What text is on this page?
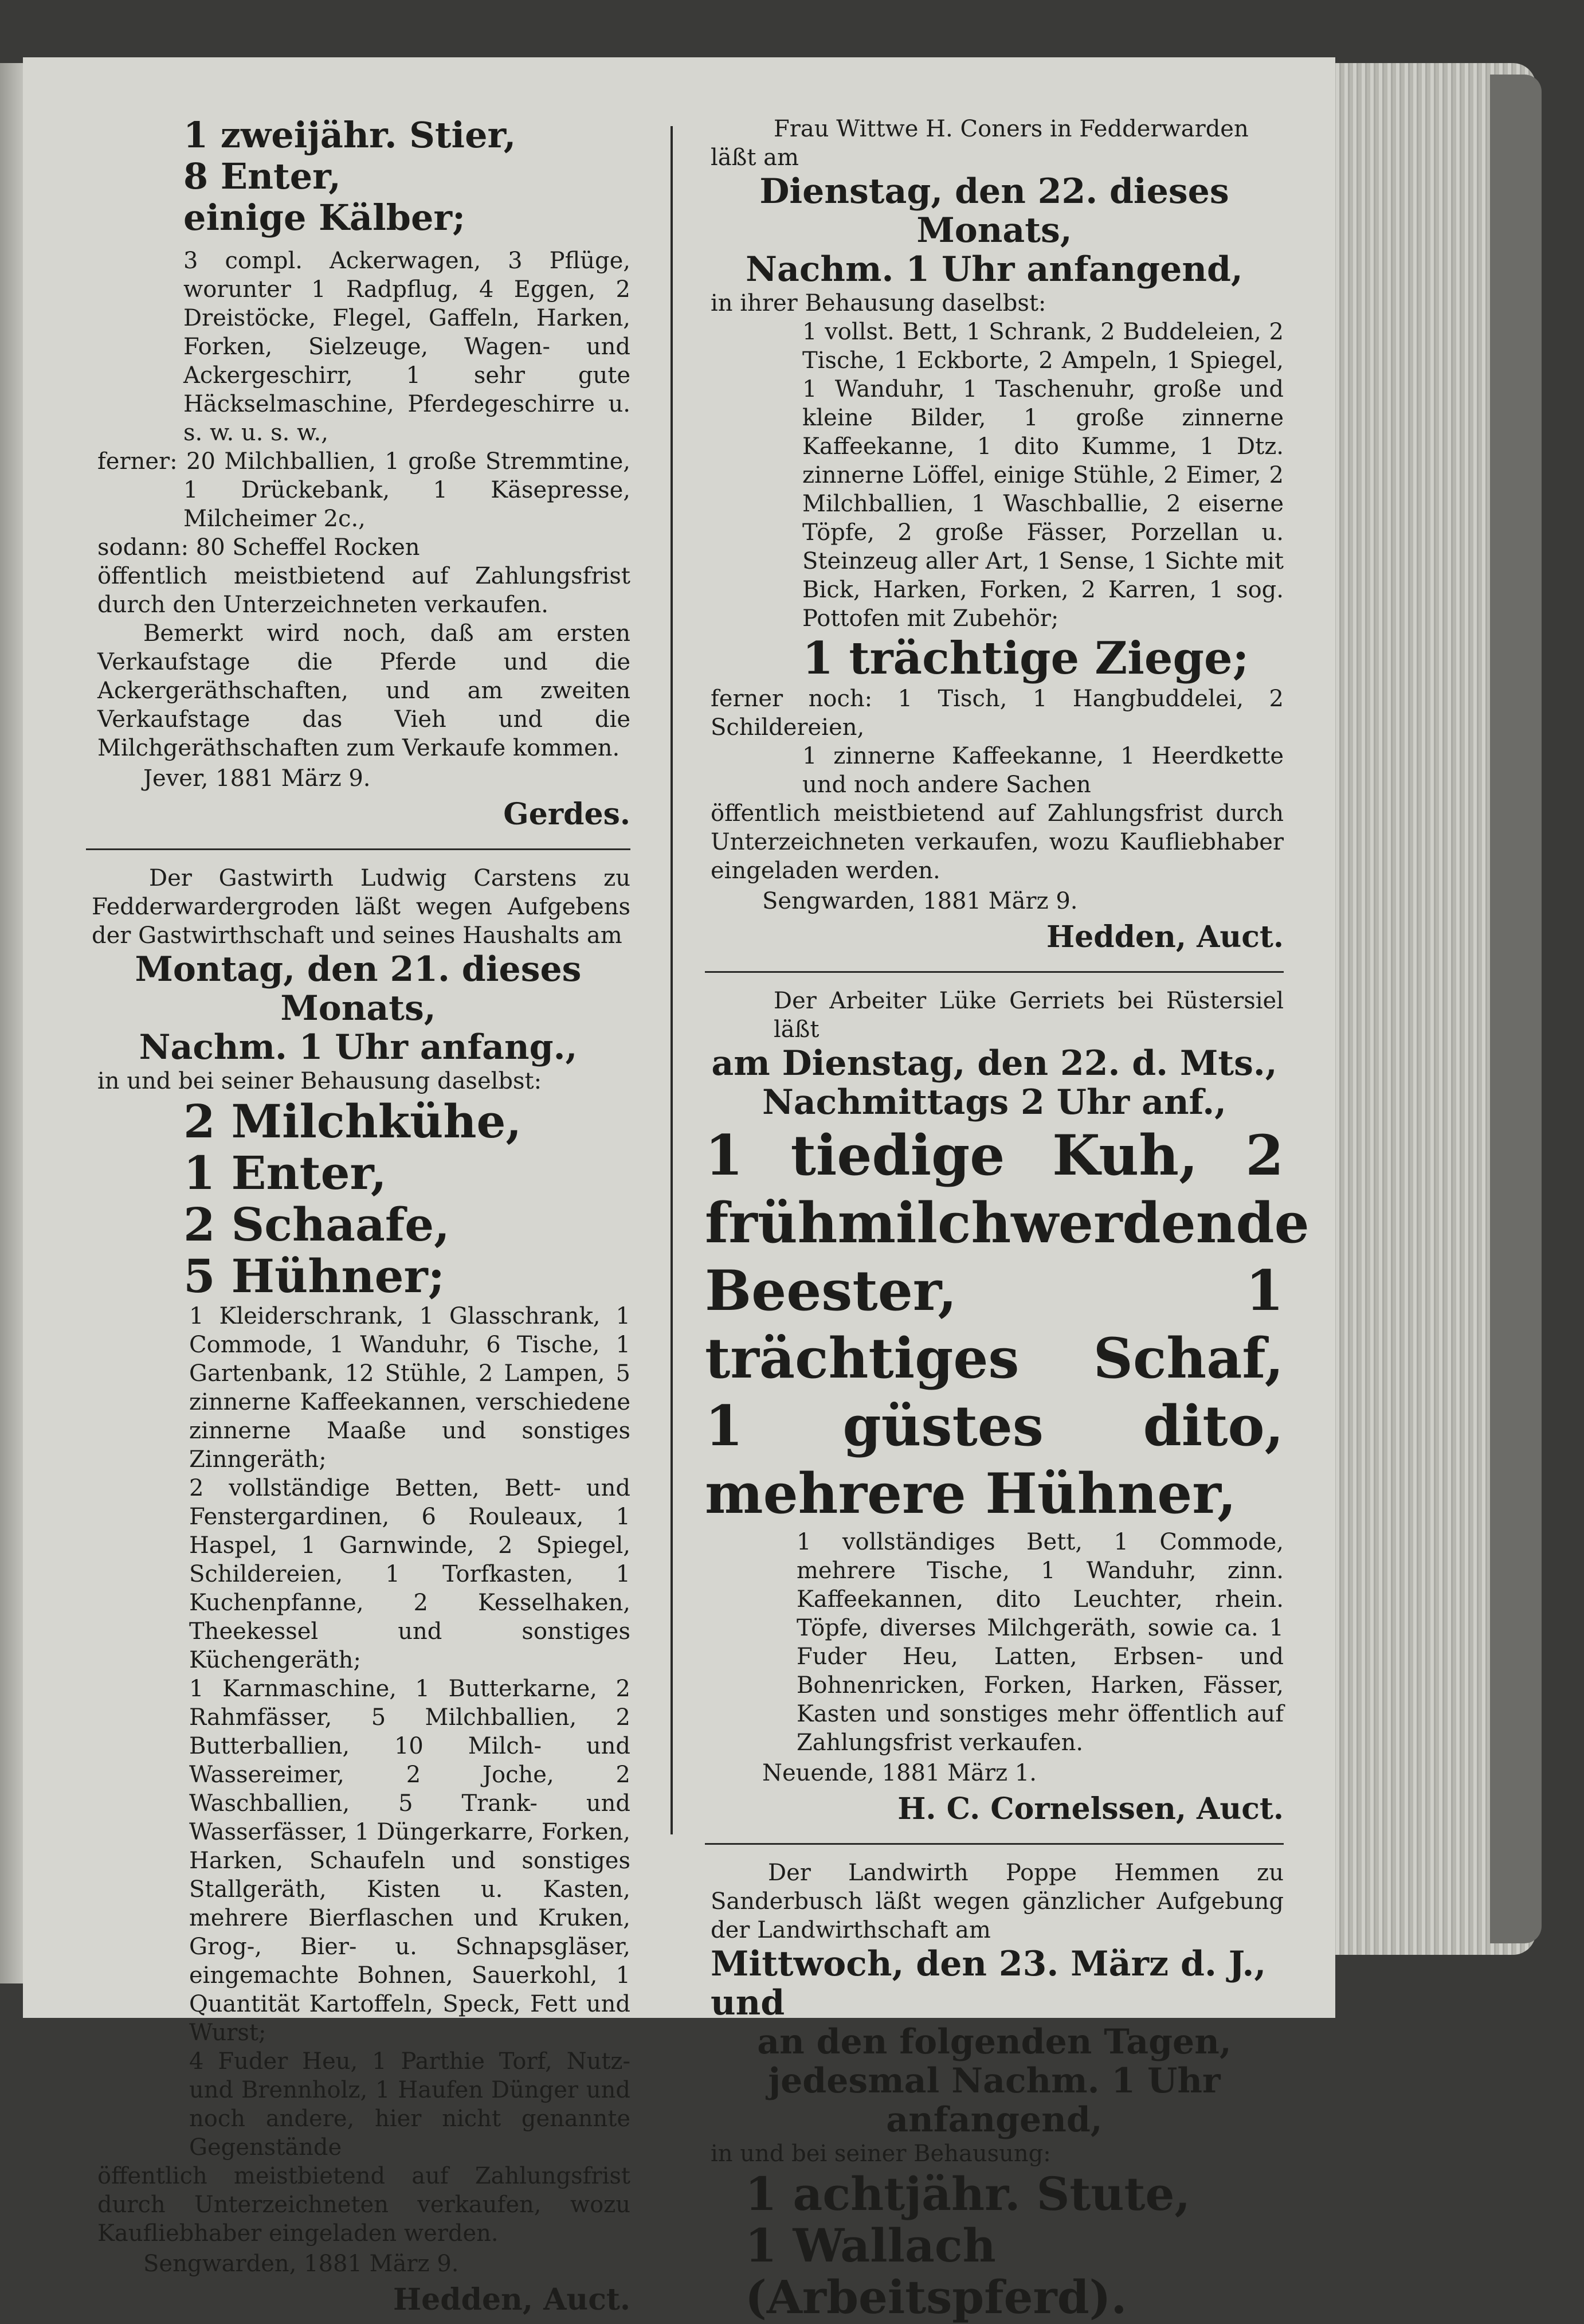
1 zweijähr. Stier,

8 Enter,

einige Kälber;

3 compl. Ackerwagen, 3 Pflüge, worunter 1 Radpflug, 4 Eggen, 2 Dreistöcke, Flegel, Gaffeln, Harken, Forken, Sielzeuge, Wagen- und Ackergeschirr, 1 sehr gute Häckselmaschine, Pferdegeschirre u. s. w. u. s. w.,

ferner: 20 Milchballien, 1 große Stremmtine, 1 Drückebank, 1 Käsepresse, Milcheimer 2c.,

sodann: 80 Scheffel Rocken

öffentlich meistbietend auf Zahlungsfrist durch den Unterzeichneten verkaufen.

Bemerkt wird noch, daß am ersten Verkaufstage die Pferde und die Ackergeräthschaften, und am zweiten Verkaufstage das Vieh und die Milchgeräthschaften zum Verkaufe kommen.

Jever, 1881 März 9.

Gerdes.

Der Gastwirth Ludwig Carstens zu Fedderwardergroden läßt wegen Aufgebens der Gastwirthschaft und seines Haushalts am

Montag, den 21. dieses Monats,

Nachm. 1 Uhr anfang.,

in und bei seiner Behausung daselbst:

2 Milchkühe,

1 Enter,

2 Schaafe,

5 Hühner;

1 Kleiderschrank, 1 Glasschrank, 1 Commode, 1 Wanduhr, 6 Tische, 1 Gartenbank, 12 Stühle, 2 Lampen, 5 zinnerne Kaffeekannen, verschiedene zinnerne Maaße und sonstiges Zinngeräth;

2 vollständige Betten, Bett- und Fenstergardinen, 6 Rouleaux, 1 Haspel, 1 Garnwinde, 2 Spiegel, Schildereien, 1 Torfkasten, 1 Kuchenpfanne, 2 Kesselhaken, Theekessel und sonstiges Küchengeräth;

1 Karnmaschine, 1 Butterkarne, 2 Rahmfässer, 5 Milchballien, 2 Butterballien, 10 Milch- und Wassereimer, 2 Joche, 2 Waschballien, 5 Trank- und Wasserfässer, 1 Düngerkarre, Forken, Harken, Schaufeln und sonstiges Stallgeräth, Kisten u. Kasten, mehrere Bierflaschen und Kruken, Grog-, Bier- u. Schnapsgläser, eingemachte Bohnen, Sauerkohl, 1 Quantität Kartoffeln, Speck, Fett und Wurst;

4 Fuder Heu, 1 Parthie Torf, Nutz- und Brennholz, 1 Haufen Dünger und noch andere, hier nicht genannte Gegenstände

öffentlich meistbietend auf Zahlungsfrist durch Unterzeichneten verkaufen, wozu Kaufliebhaber eingeladen werden.

Sengwarden, 1881 März 9.

Hedden, Auct.

Frau Wittwe H. Coners in Fedderwarden

läßt am

Dienstag, den 22. dieses Monats,

Nachm. 1 Uhr anfangend,

in ihrer Behausung daselbst:

1 vollst. Bett, 1 Schrank, 2 Buddeleien, 2 Tische, 1 Eckborte, 2 Ampeln, 1 Spiegel, 1 Wanduhr, 1 Taschenuhr, große und kleine Bilder, 1 große zinnerne Kaffeekanne, 1 dito Kumme, 1 Dtz. zinnerne Löffel, einige Stühle, 2 Eimer, 2 Milchballien, 1 Waschballie, 2 eiserne Töpfe, 2 große Fässer, Porzellan u. Steinzeug aller Art, 1 Sense, 1 Sichte mit Bick, Harken, Forken, 2 Karren, 1 sog. Pottofen mit Zubehör;

1 trächtige Ziege;

ferner noch: 1 Tisch, 1 Hangbuddelei, 2 Schildereien,

1 zinnerne Kaffeekanne, 1 Heerdkette und noch andere Sachen

öffentlich meistbietend auf Zahlungsfrist durch Unterzeichneten verkaufen, wozu Kaufliebhaber eingeladen werden.

Sengwarden, 1881 März 9.

Hedden, Auct.

Der Arbeiter Lüke Gerriets bei Rüstersiel läßt

am Dienstag, den 22. d. Mts.,

Nachmittags 2 Uhr anf.,

1 tiedige Kuh, 2 frühmilchwerdende Beester, 1 trächtiges Schaf, 1 güstes dito, mehrere Hühner,

1 vollständiges Bett, 1 Commode, mehrere Tische, 1 Wanduhr, zinn. Kaffeekannen, dito Leuchter, rhein. Töpfe, diverses Milchgeräth, sowie ca. 1 Fuder Heu, Latten, Erbsen- und Bohnenricken, Forken, Harken, Fässer, Kasten und sonstiges mehr öffentlich auf Zahlungsfrist verkaufen.

Neuende, 1881 März 1.

H. C. Cornelssen, Auct.

Der Landwirth Poppe Hemmen zu Sanderbusch läßt wegen gänzlicher Aufgebung der Landwirthschaft am

Mittwoch, den 23. März d. J., und

an den folgenden Tagen,

jedesmal Nachm. 1 Uhr anfangend,

in und bei seiner Behausung:

1 achtjähr. Stute,

1 Wallach (Arbeitspferd).
